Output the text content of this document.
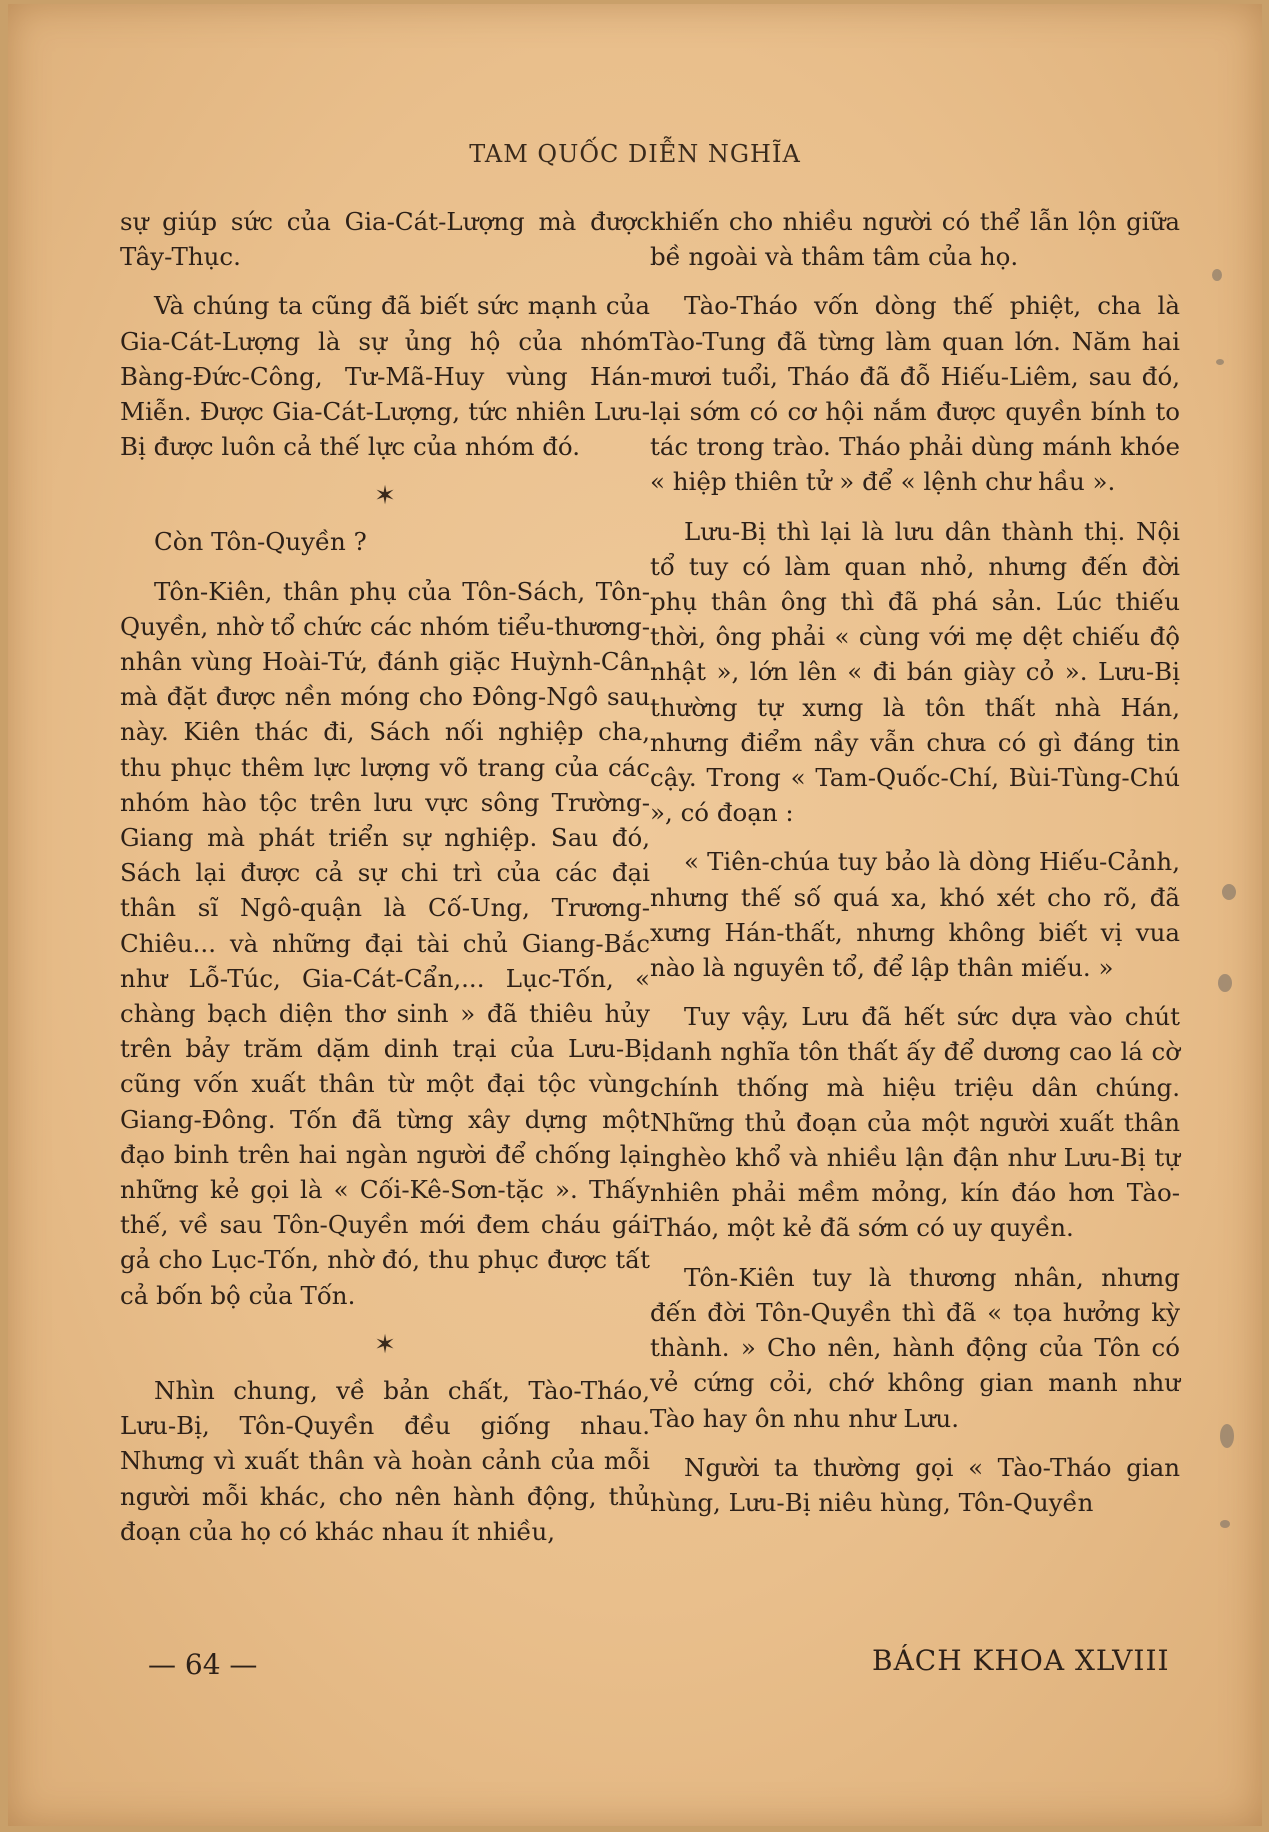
TAM QUỐC DIỄN NGHĨA

sự giúp sức của Gia-Cát-Lượng mà được Tây-Thục.

Và chúng ta cũng đã biết sức mạnh của Gia-Cát-Lượng là sự ủng hộ của nhóm Bàng-Đức-Công, Tư-Mã-Huy vùng Hán-Miễn. Được Gia-Cát-Lượng, tức nhiên Lưu-Bị được luôn cả thế lực của nhóm đó.

✶

Còn Tôn-Quyền ?

Tôn-Kiên, thân phụ của Tôn-Sách, Tôn-Quyền, nhờ tổ chức các nhóm tiểu-thương-nhân vùng Hoài-Tứ, đánh giặc Huỳnh-Cân mà đặt được nền móng cho Đông-Ngô sau này. Kiên thác đi, Sách nối nghiệp cha, thu phục thêm lực lượng võ trang của các nhóm hào tộc trên lưu vực sông Trường-Giang mà phát triển sự nghiệp. Sau đó, Sách lại được cả sự chi trì của các đại thân sĩ Ngô-quận là Cố-Ung, Trương-Chiêu... và những đại tài chủ Giang-Bắc như Lỗ-Túc, Gia-Cát-Cẩn,... Lục-Tốn, « chàng bạch diện thơ sinh » đã thiêu hủy trên bảy trăm dặm dinh trại của Lưu-Bị cũng vốn xuất thân từ một đại tộc vùng Giang-Đông. Tốn đã từng xây dựng một đạo binh trên hai ngàn người để chống lại những kẻ gọi là « Cối-Kê-Sơn-tặc ». Thấy thế, về sau Tôn-Quyền mới đem cháu gái gả cho Lục-Tốn, nhờ đó, thu phục được tất cả bốn bộ của Tốn.

✶

Nhìn chung, về bản chất, Tào-Tháo, Lưu-Bị, Tôn-Quyền đều giống nhau. Nhưng vì xuất thân và hoàn cảnh của mỗi người mỗi khác, cho nên hành động, thủ đoạn của họ có khác nhau ít nhiều,

khiến cho nhiều người có thể lẫn lộn giữa bề ngoài và thâm tâm của họ.

Tào-Tháo vốn dòng thế phiệt, cha là Tào-Tung đã từng làm quan lớn. Năm hai mươi tuổi, Tháo đã đỗ Hiếu-Liêm, sau đó, lại sớm có cơ hội nắm được quyền bính to tác trong trào. Tháo phải dùng mánh khóe « hiệp thiên tử » để « lệnh chư hầu ».

Lưu-Bị thì lại là lưu dân thành thị. Nội tổ tuy có làm quan nhỏ, nhưng đến đời phụ thân ông thì đã phá sản. Lúc thiếu thời, ông phải « cùng với mẹ dệt chiếu độ nhật », lớn lên « đi bán giày cỏ ». Lưu-Bị thường tự xưng là tôn thất nhà Hán, nhưng điểm nầy vẫn chưa có gì đáng tin cậy. Trong « Tam-Quốc-Chí, Bùi-Tùng-Chú », có đoạn :

« Tiên-chúa tuy bảo là dòng Hiếu-Cảnh, nhưng thế số quá xa, khó xét cho rõ, đã xưng Hán-thất, nhưng không biết vị vua nào là nguyên tổ, để lập thân miếu. »

Tuy vậy, Lưu đã hết sức dựa vào chút danh nghĩa tôn thất ấy để dương cao lá cờ chính thống mà hiệu triệu dân chúng. Những thủ đoạn của một người xuất thân nghèo khổ và nhiều lận đận như Lưu-Bị tự nhiên phải mềm mỏng, kín đáo hơn Tào-Tháo, một kẻ đã sớm có uy quyền.

Tôn-Kiên tuy là thương nhân, nhưng đến đời Tôn-Quyền thì đã « tọa hưởng kỳ thành. » Cho nên, hành động của Tôn có vẻ cứng cỏi, chớ không gian manh như Tào hay ôn nhu như Lưu.

Người ta thường gọi « Tào-Tháo gian hùng, Lưu-Bị niêu hùng, Tôn-Quyền

— 64 —	BÁCH KHOA XLVIII
